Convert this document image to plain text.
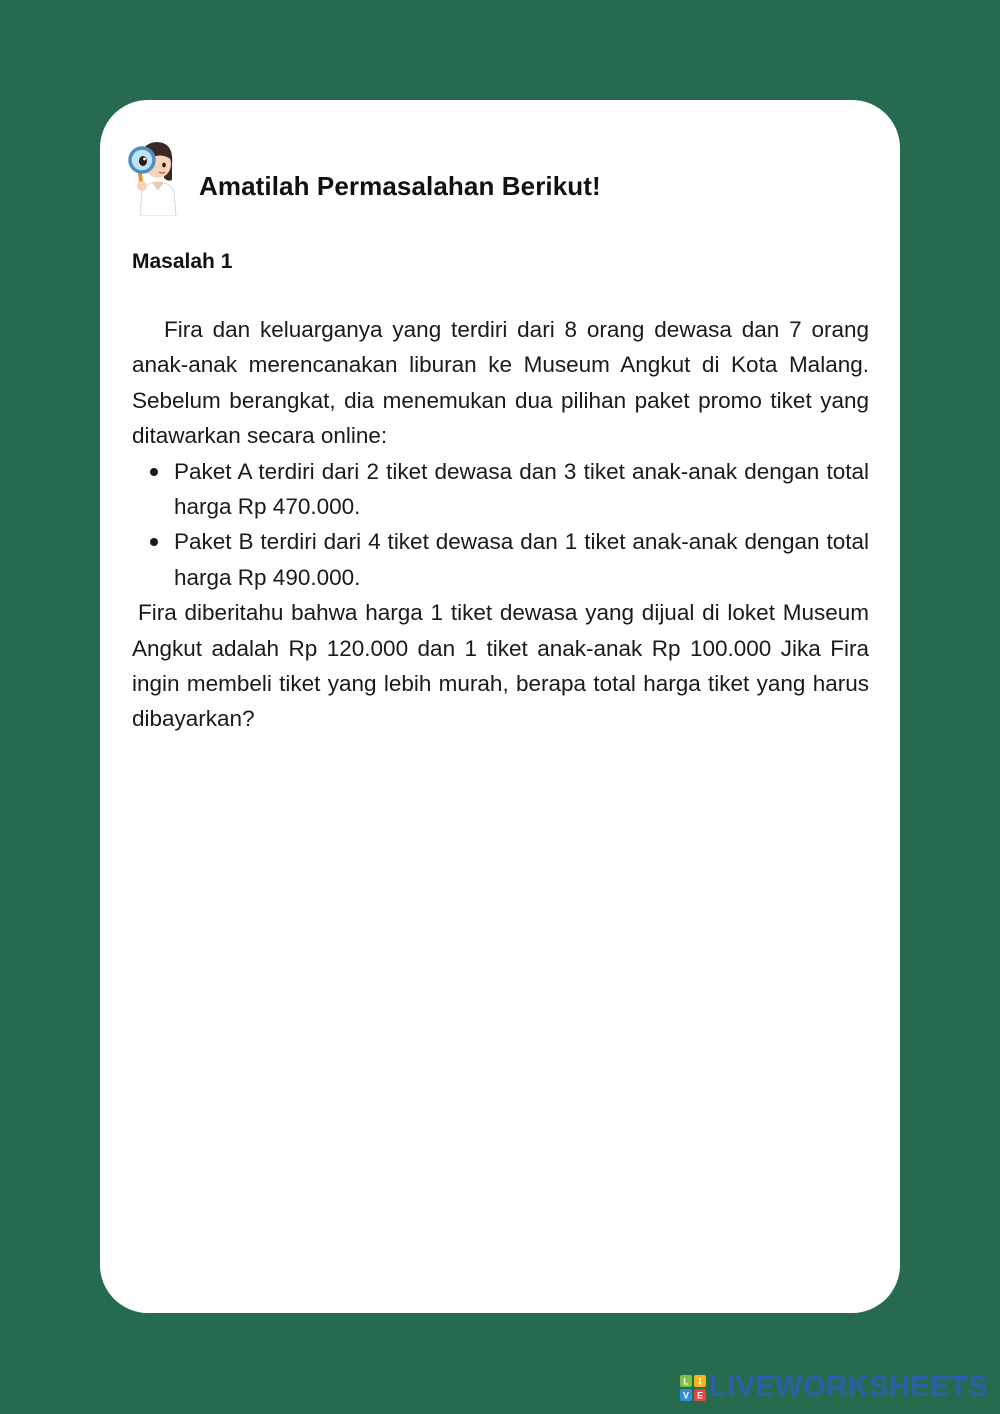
Amatilah Permasalahan Berikut!
Masalah 1

Fira dan keluarganya yang terdiri dari 8 orang dewasa dan 7 orang anak-anak merencanakan liburan ke Museum Angkut di Kota Malang. Sebelum berangkat, dia menemukan dua pilihan paket promo tiket yang ditawarkan secara online:

Paket A terdiri dari 2 tiket dewasa dan 3 tiket anak-anak dengan total harga Rp 470.000.
Paket B terdiri dari 4 tiket dewasa dan 1 tiket anak-anak dengan total harga Rp 490.000.

Fira diberitahu bahwa harga 1 tiket dewasa yang dijual di loket Museum Angkut adalah Rp 120.000 dan 1 tiket anak-anak Rp 100.000 Jika Fira ingin membeli tiket yang lebih murah, berapa total harga tiket yang harus dibayarkan?

L I
V E LIVEWORKSHEETS
